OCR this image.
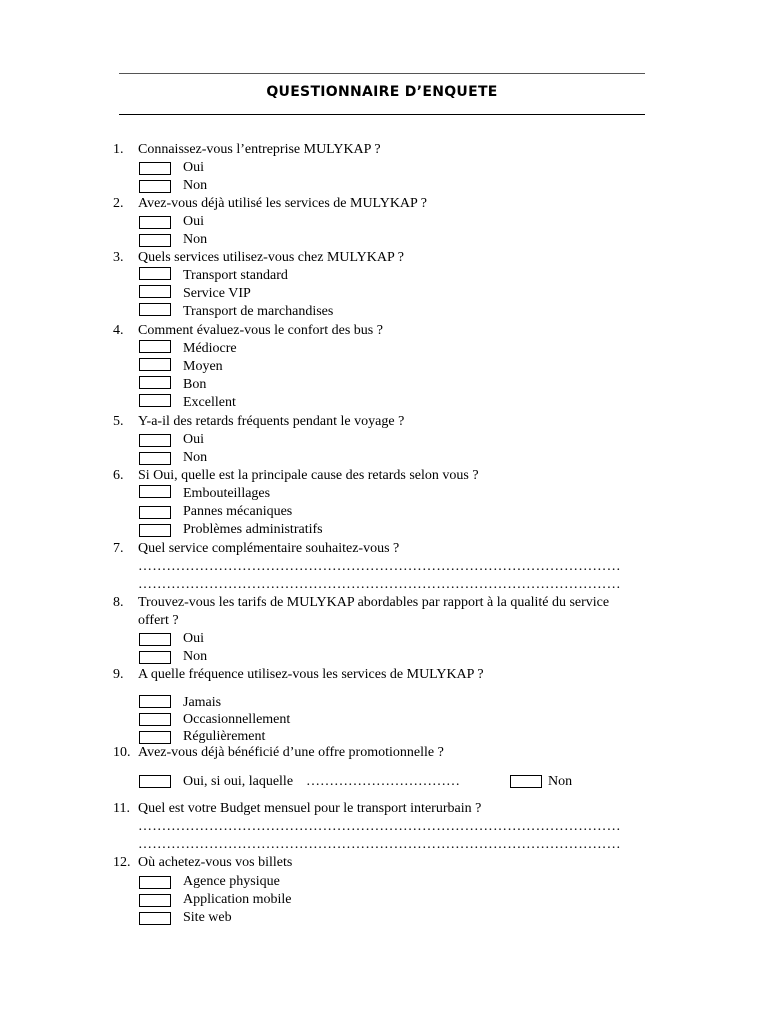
QUESTIONNAIRE D’ENQUETE
1.	Connaissez-vous l’entreprise MULYKAP ?
Oui
Non
2.	Avez-vous déjà utilisé les services de MULYKAP ?
Oui
Non
3.	Quels services utilisez-vous chez MULYKAP ?
Transport standard
Service VIP
Transport de marchandises
4.	Comment évaluez-vous le confort des bus ?
Médiocre
Moyen
Bon
Excellent
5.	Y-a-il des retards fréquents pendant le voyage ?
Oui
Non
6.	Si Oui, quelle est la principale cause des retards selon vous ?
Embouteillages
Pannes mécaniques
Problèmes administratifs
7.	Quel service complémentaire souhaitez-vous ?
…………………………………………………………………………………………
…………………………………………………………………………………………
8.	Trouvez-vous les tarifs de MULYKAP abordables par rapport à la qualité du service
offert ?
Oui
Non
9.	A quelle fréquence utilisez-vous les services de MULYKAP ?
Jamais
Occasionnellement
Régulièrement
10. Avez-vous déjà bénéficié d’une offre promotionnelle ?
Oui, si oui, laquelle ……………………………	Non
11. Quel est votre Budget mensuel pour le transport interurbain ?
…………………………………………………………………………………………
…………………………………………………………………………………………
12. Où achetez-vous vos billets
Agence physique
Application mobile
Site web
